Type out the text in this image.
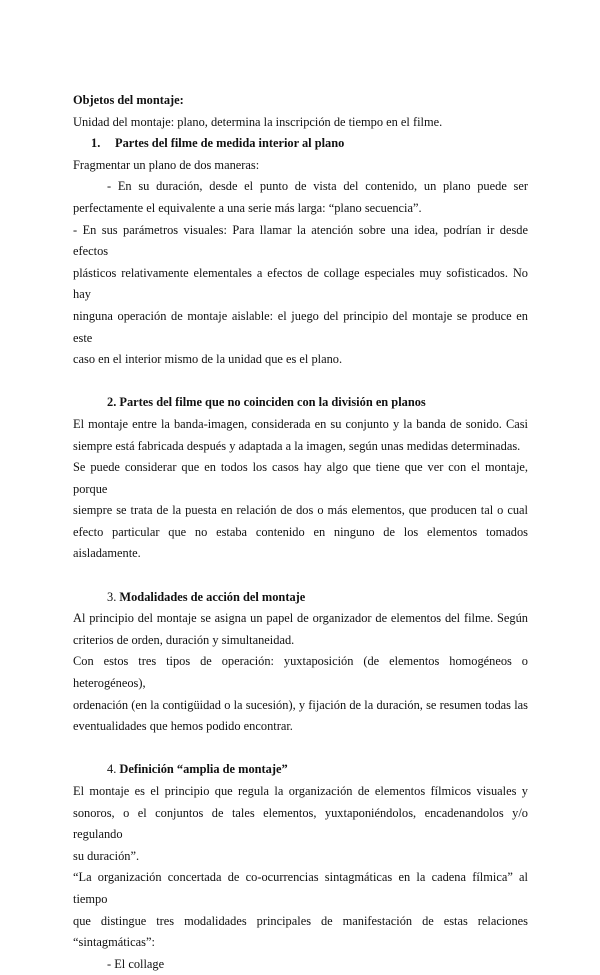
Objetos del montaje:

Unidad del montaje: plano, determina la inscripción de tiempo en el filme.

1. Partes del filme de medida interior al plano

Fragmentar un plano de dos maneras:

- En su duración, desde el punto de vista del contenido, un plano puede ser

perfectamente el equivalente a una serie más larga: “plano secuencia”.

- En sus parámetros visuales: Para llamar la atención sobre una idea, podrían ir desde efectos

plásticos relativamente elementales a efectos de collage especiales muy sofisticados. No hay

ninguna operación de montaje aislable: el juego del principio del montaje se produce en este

caso en el interior mismo de la unidad que es el plano.

2. Partes del filme que no coinciden con la división en planos

El montaje entre la banda-imagen, considerada en su conjunto y la banda de sonido. Casi

siempre está fabricada después y adaptada a la imagen, según unas medidas determinadas.

Se puede considerar que en todos los casos hay algo que tiene que ver con el montaje, porque

siempre se trata de la puesta en relación de dos o más elementos, que producen tal o cual

efecto particular que no estaba contenido en ninguno de los elementos tomados aisladamente.

3. Modalidades de acción del montaje

Al principio del montaje se asigna un papel de organizador de elementos del filme. Según

criterios de orden, duración y simultaneidad.

Con estos tres tipos de operación: yuxtaposición (de elementos homogéneos o heterogéneos),

ordenación (en la contigüidad o la sucesión), y fijación de la duración, se resumen todas las

eventualidades que hemos podido encontrar.

4. Definición “amplia de montaje”

El montaje es el principio que regula la organización de elementos fílmicos visuales y

sonoros, o el conjuntos de tales elementos, yuxtaponiéndolos, encadenandolos y/o regulando

su duración”.

“La organización concertada de co-ocurrencias sintagmáticas en la cadena fílmica” al tiempo

que distingue tres modalidades principales de manifestación de estas relaciones

“sintagmáticas”:

- El collage
